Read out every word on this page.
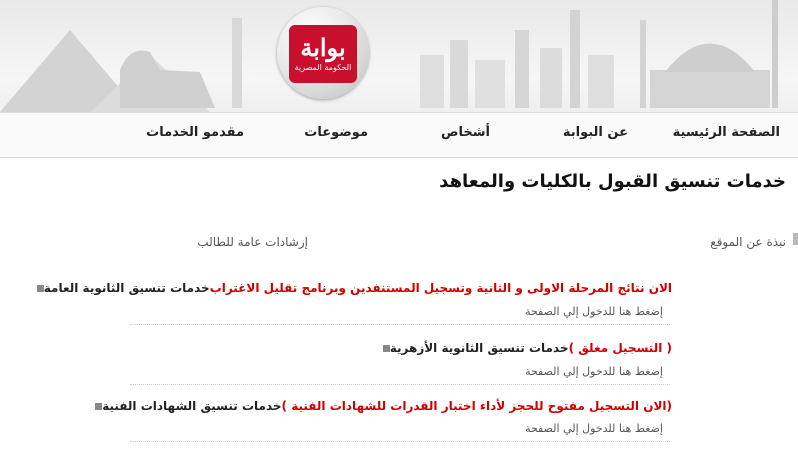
بوابة
الحكومة المصرية
الصفحة الرئيسية
عن البوابة
أشخاص
موضوعات
مقدمو الخدمات
خدمات تنسيق القبول بالكليات والمعاهد
نبذة عن الموقع
إرشادات عامة للطالب
خدمات تنسيق الثانوية العامة الان نتائج المرحلة الاولى و الثانية وتسجيل المستنفدين وبرنامج تقليل الاغتراب
إضغط هنا للدخول إلي الصفحة
خدمات تنسيق الثانوية الأزهرية ( التسجيل مغلق )
إضغط هنا للدخول إلي الصفحة
خدمات تنسيق الشهادات الفنية ( الان التسجيل مفتوح للحجز لأداء اختبار القدرات للشهادات الفنية)
إضغط هنا للدخول إلي الصفحة
